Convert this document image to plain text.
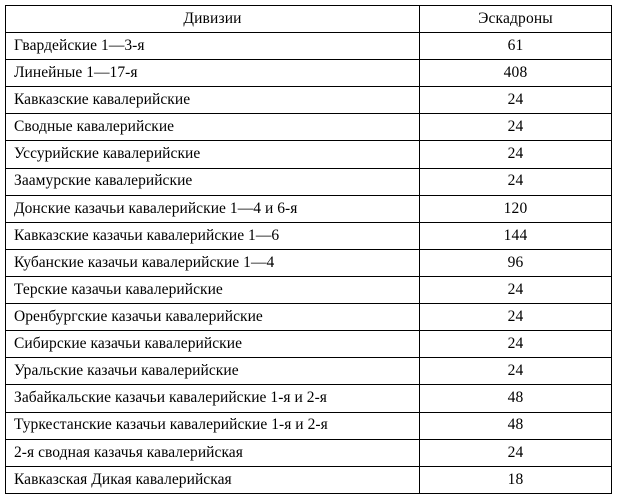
Дивизии	Эскадроны
Гвардейские 1—3-я	61
Линейные 1—17-я	408
Кавказские кавалерийские	24
Сводные кавалерийские	24
Уссурийские кавалерийские	24
Заамурские кавалерийские	24
Донские казачьи кавалерийские 1—4 и 6-я	120
Кавказские казачьи кавалерийские 1—6	144
Кубанские казачьи кавалерийские 1—4	96
Терские казачьи кавалерийские	24
Оренбургские казачьи кавалерийские	24
Сибирские казачьи кавалерийские	24
Уральские казачьи кавалерийские	24
Забайкальские казачьи кавалерийские 1-я и 2-я	48
Туркестанские казачьи кавалерийские 1-я и 2-я	48
2-я сводная казачья кавалерийская	24
Кавказская Дикая кавалерийская	18
